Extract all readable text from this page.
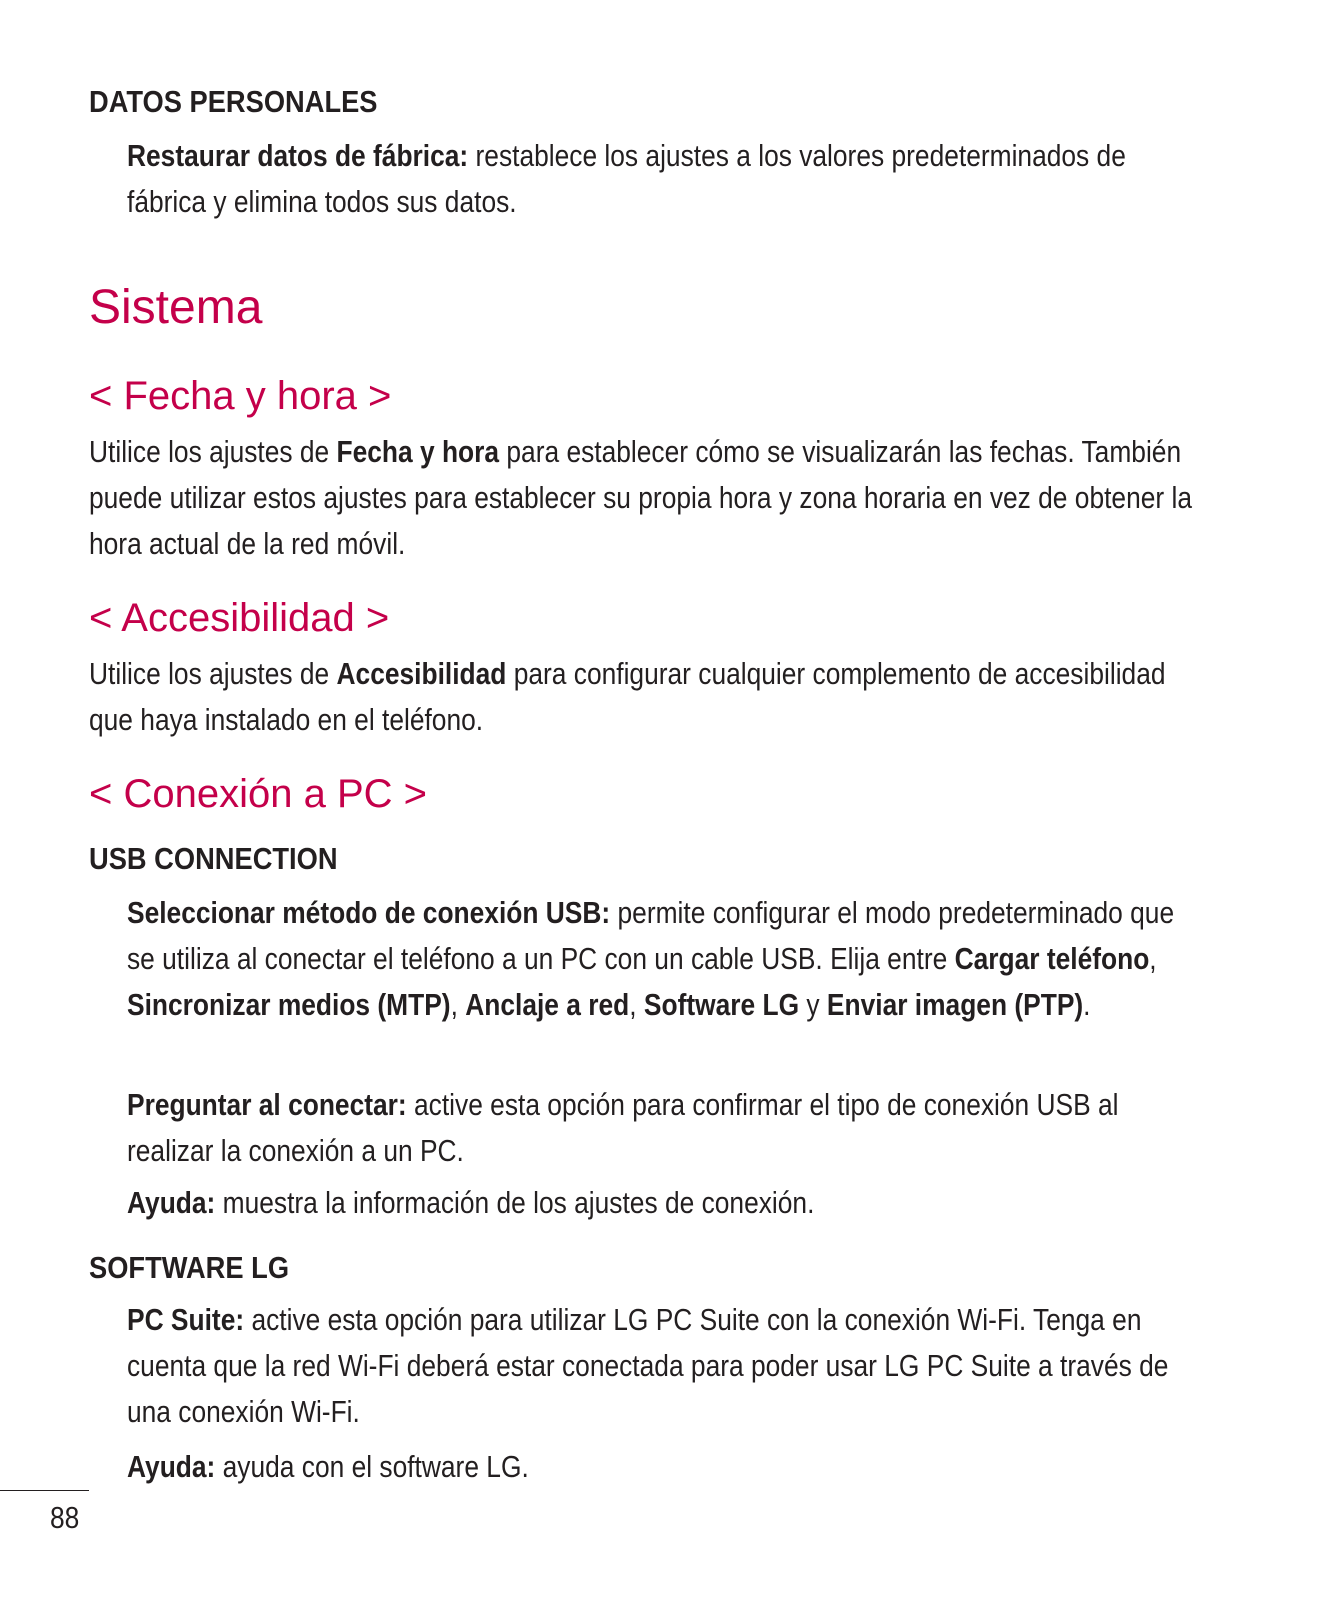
DATOS PERSONALES
Restaurar datos de fábrica: restablece los ajustes a los valores predeterminados de fábrica y elimina todos sus datos.
Sistema
< Fecha y hora >
Utilice los ajustes de Fecha y hora para establecer cómo se visualizarán las fechas. También puede utilizar estos ajustes para establecer su propia hora y zona horaria en vez de obtener la hora actual de la red móvil.
< Accesibilidad >
Utilice los ajustes de Accesibilidad para configurar cualquier complemento de accesibilidad que haya instalado en el teléfono.
< Conexión a PC >
USB CONNECTION
Seleccionar método de conexión USB: permite configurar el modo predeterminado que se utiliza al conectar el teléfono a un PC con un cable USB. Elija entre Cargar teléfono, Sincronizar medios (MTP), Anclaje a red, Software LG y Enviar imagen (PTP).
Preguntar al conectar: active esta opción para confirmar el tipo de conexión USB al realizar la conexión a un PC.
Ayuda: muestra la información de los ajustes de conexión.
SOFTWARE LG
PC Suite: active esta opción para utilizar LG PC Suite con la conexión Wi-Fi. Tenga en cuenta que la red Wi-Fi deberá estar conectada para poder usar LG PC Suite a través de una conexión Wi-Fi.
Ayuda: ayuda con el software LG.
88
